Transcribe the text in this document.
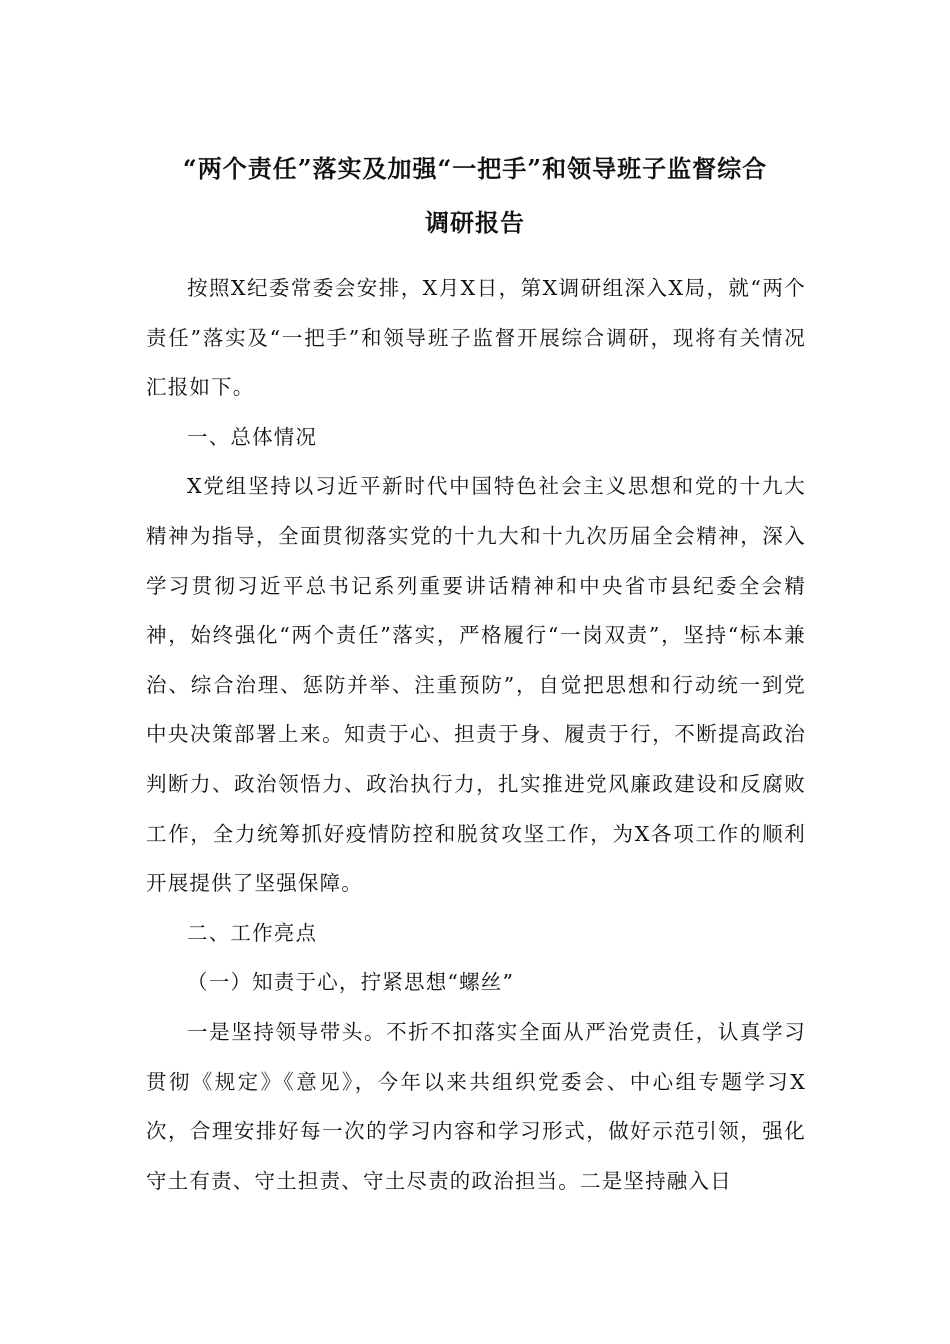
“两个责任”落实及加强“一把手”和领导班子监督综合
调研报告

按照X纪委常委会安排，X月X日，第X调研组深入X局，就“两个责任”落实及“一把手”和领导班子监督开展综合调研，现将有关情况汇报如下。

一、总体情况

X党组坚持以习近平新时代中国特色社会主义思想和党的十九大精神为指导，全面贯彻落实党的十九大和十九次历届全会精神，深入学习贯彻习近平总书记系列重要讲话精神和中央省市县纪委全会精神，始终强化“两个责任”落实，严格履行“一岗双责”，坚持“标本兼治、综合治理、惩防并举、注重预防”，自觉把思想和行动统一到党中央决策部署上来。知责于心、担责于身、履责于行，不断提高政治判断力、政治领悟力、政治执行力，扎实推进党风廉政建设和反腐败工作，全力统筹抓好疫情防控和脱贫攻坚工作，为X各项工作的顺利开展提供了坚强保障。

二、工作亮点

（一）知责于心，拧紧思想“螺丝”

一是坚持领导带头。不折不扣落实全面从严治党责任，认真学习贯彻《规定》《意见》，今年以来共组织党委会、中心组专题学习X次，合理安排好每一次的学习内容和学习形式，做好示范引领，强化守土有责、守土担责、守土尽责的政治担当。二是坚持融入日
